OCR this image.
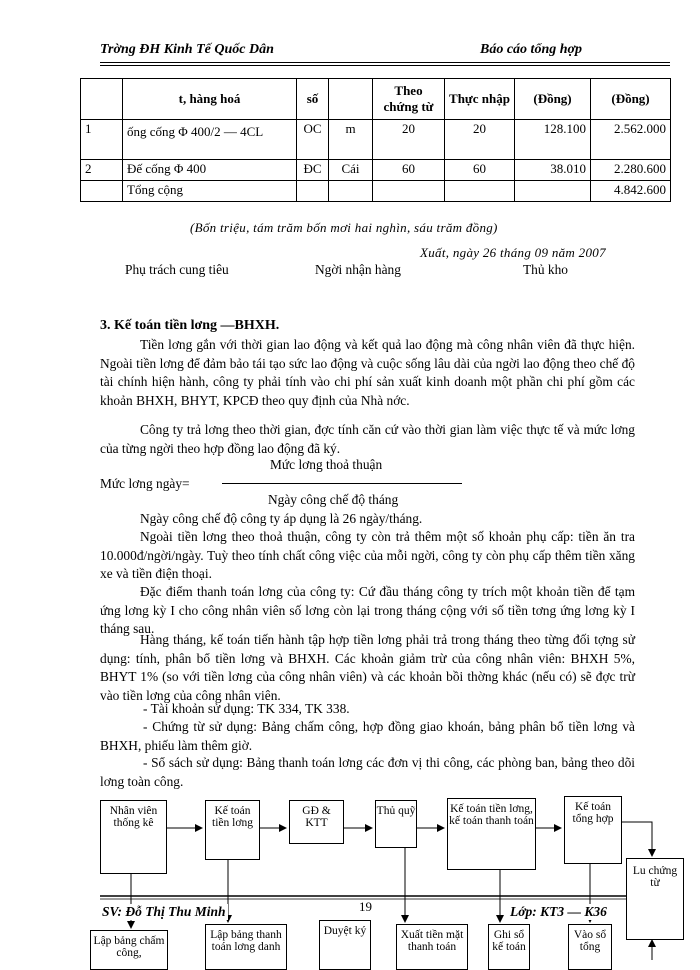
Trờng ĐH Kinh Tế Quốc Dân	Báo cáo tổng hợp
	t, hàng hoá	số		Theo chứng từ	Thực nhập	(Đồng)	(Đồng)
1	ống cống Φ 400/2 — 4CL	OC	m	20	20	128.100	2.562.000
2	Đế cống Φ 400	ĐC	Cái	60	60	38.010	2.280.600
	Tổng cộng						4.842.600
(Bốn triệu, tám trăm bốn mơi hai nghìn, sáu trăm đồng)
Xuất, ngày 26 tháng 09 năm 2007
Phụ trách cung tiêu	Ngời nhận hàng	Thủ kho
3. Kế toán tiền lơng —BHXH.
Tiền lơng gắn với thời gian lao động và kết quả lao động mà công nhân viên đã thực hiện. Ngoài tiền lơng để đảm bảo tái tạo sức lao động và cuộc sống lâu dài của ngời lao động theo chế độ tài chính hiện hành, công ty phải tính vào chi phí sản xuất kinh doanh một phần chi phí gồm các khoản BHXH, BHYT, KPCĐ theo quy định của Nhà nớc.
Công ty trả lơng theo thời gian, đợc tính căn cứ vào thời gian làm việc thực tế và mức lơng của từng ngời theo hợp đồng lao động đã ký.
Mức lơng thoả thuận
Mức lơng ngày=
Ngày công chế độ tháng
Ngày công chế độ công ty áp dụng là 26 ngày/tháng.
Ngoài tiền lơng theo thoả thuận, công ty còn trả thêm một số khoản phụ cấp: tiền ăn tra 10.000đ/ngời/ngày. Tuỳ theo tính chất công việc của mỗi ngời, công ty còn phụ cấp thêm tiền xăng xe và tiền điện thoại.
Đặc điểm thanh toán lơng của công ty: Cứ đầu tháng công ty trích một khoản tiền để tạm ứng lơng kỳ I cho công nhân viên số lơng còn lại trong tháng cộng với số tiền tơng ứng lơng kỳ I tháng sau.
Hàng tháng, kế toán tiến hành tập hợp tiền lơng phải trả trong tháng theo từng đối tợng sử dụng: tính, phân bổ tiền lơng và BHXH. Các khoản giảm trừ của công nhân viên: BHXH 5%, BHYT 1% (so với tiền lơng của công nhân viên) và các khoản bồi thờng khác (nếu có) sẽ đợc trừ vào tiền lơng của công nhân viên.
- Tài khoản sử dụng: TK 334, TK 338.
- Chứng từ sử dụng: Bảng chấm công, hợp đồng giao khoán, bảng phân bổ tiền lơng và BHXH, phiếu làm thêm giờ.
- Sổ sách sử dụng: Bảng thanh toán lơng các đơn vị thi công, các phòng ban, bảng theo dõi lơng toàn công.
Nhân viên thống kê
Kế toán tiền lơng
GĐ & KTT
Thủ quỹ	Kế toán tiền lơng, kế toán thanh toán
Kế toán tổng hợp
Lu chứng từ
SV: Đỗ Thị Thu Minh	19	Lớp: KT3 — K36
Lập bảng chấm công,
Lập bảng thanh toán lơng danh
Duyệt ký	Xuất tiền mặt thanh toán
Ghi sổ kế toán
Vào sổ tổng
